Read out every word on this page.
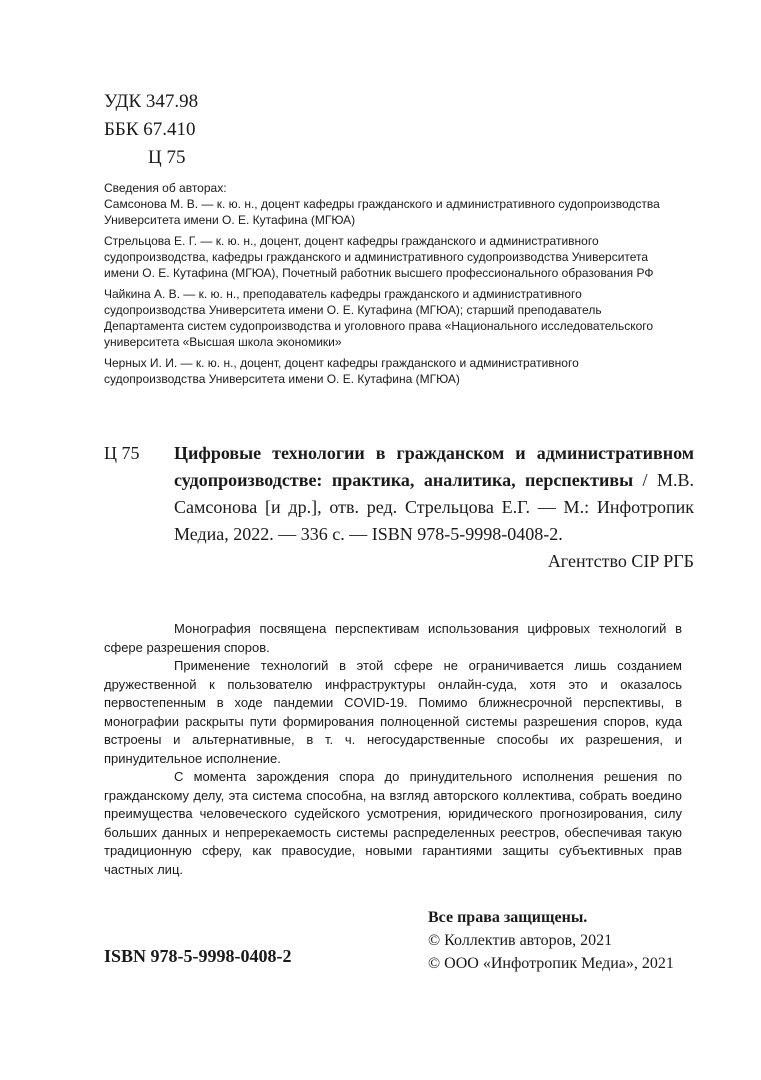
УДК 347.98
ББК 67.410
Ц 75

Сведения об авторах:

Самсонова М. В. — к. ю. н., доцент кафедры гражданского и административного судопроизводства Университета имени О. Е. Кутафина (МГЮА)

Стрельцова Е. Г. — к. ю. н., доцент, доцент кафедры гражданского и административного судопроизводства, кафедры гражданского и административного судопроизводства Университета имени О. Е. Кутафина (МГЮА), Почетный работник высшего профессионального образования РФ

Чайкина А. В. — к. ю. н., преподаватель кафедры гражданского и административного судопроизводства Университета имени О. Е. Кутафина (МГЮА); старший преподаватель Департамента систем судопроизводства и уголовного права «Национального исследовательского университета «Высшая школа экономики»

Черных И. И. — к. ю. н., доцент, доцент кафедры гражданского и административного судопроизводства Университета имени О. Е. Кутафина (МГЮА)

Ц 75 Цифровые технологии в гражданском и административном судопроизводстве: практика, аналитика, перспективы / М.В. Самсонова [и др.], отв. ред. Стрельцова Е.Г. — М.: Инфотропик Медиа, 2022. — 336 с. — ISBN 978-5-9998-0408-2.
Агентство CIP РГБ

Монография посвящена перспективам использования цифровых технологий в сфере разрешения споров.

Применение технологий в этой сфере не ограничивается лишь созданием дружественной к пользователю инфраструктуры онлайн-суда, хотя это и оказалось первостепенным в ходе пандемии COVID-19. Помимо ближнесрочной перспективы, в монографии раскрыты пути формирования полноценной системы разрешения споров, куда встроены и альтернативные, в т. ч. негосударственные способы их разрешения, и принудительное исполнение.

С момента зарождения спора до принудительного исполнения решения по гражданскому делу, эта система способна, на взгляд авторского коллектива, собрать воедино преимущества человеческого судейского усмотрения, юридического прогнозирования, силу больших данных и непререкаемость системы распределенных реестров, обеспечивая такую традиционную сферу, как правосудие, новыми гарантиями защиты субъективных прав частных лиц.

Все права защищены.
© Коллектив авторов, 2021
© ООО «Инфотропик Медиа», 2021
ISBN 978-5-9998-0408-2
